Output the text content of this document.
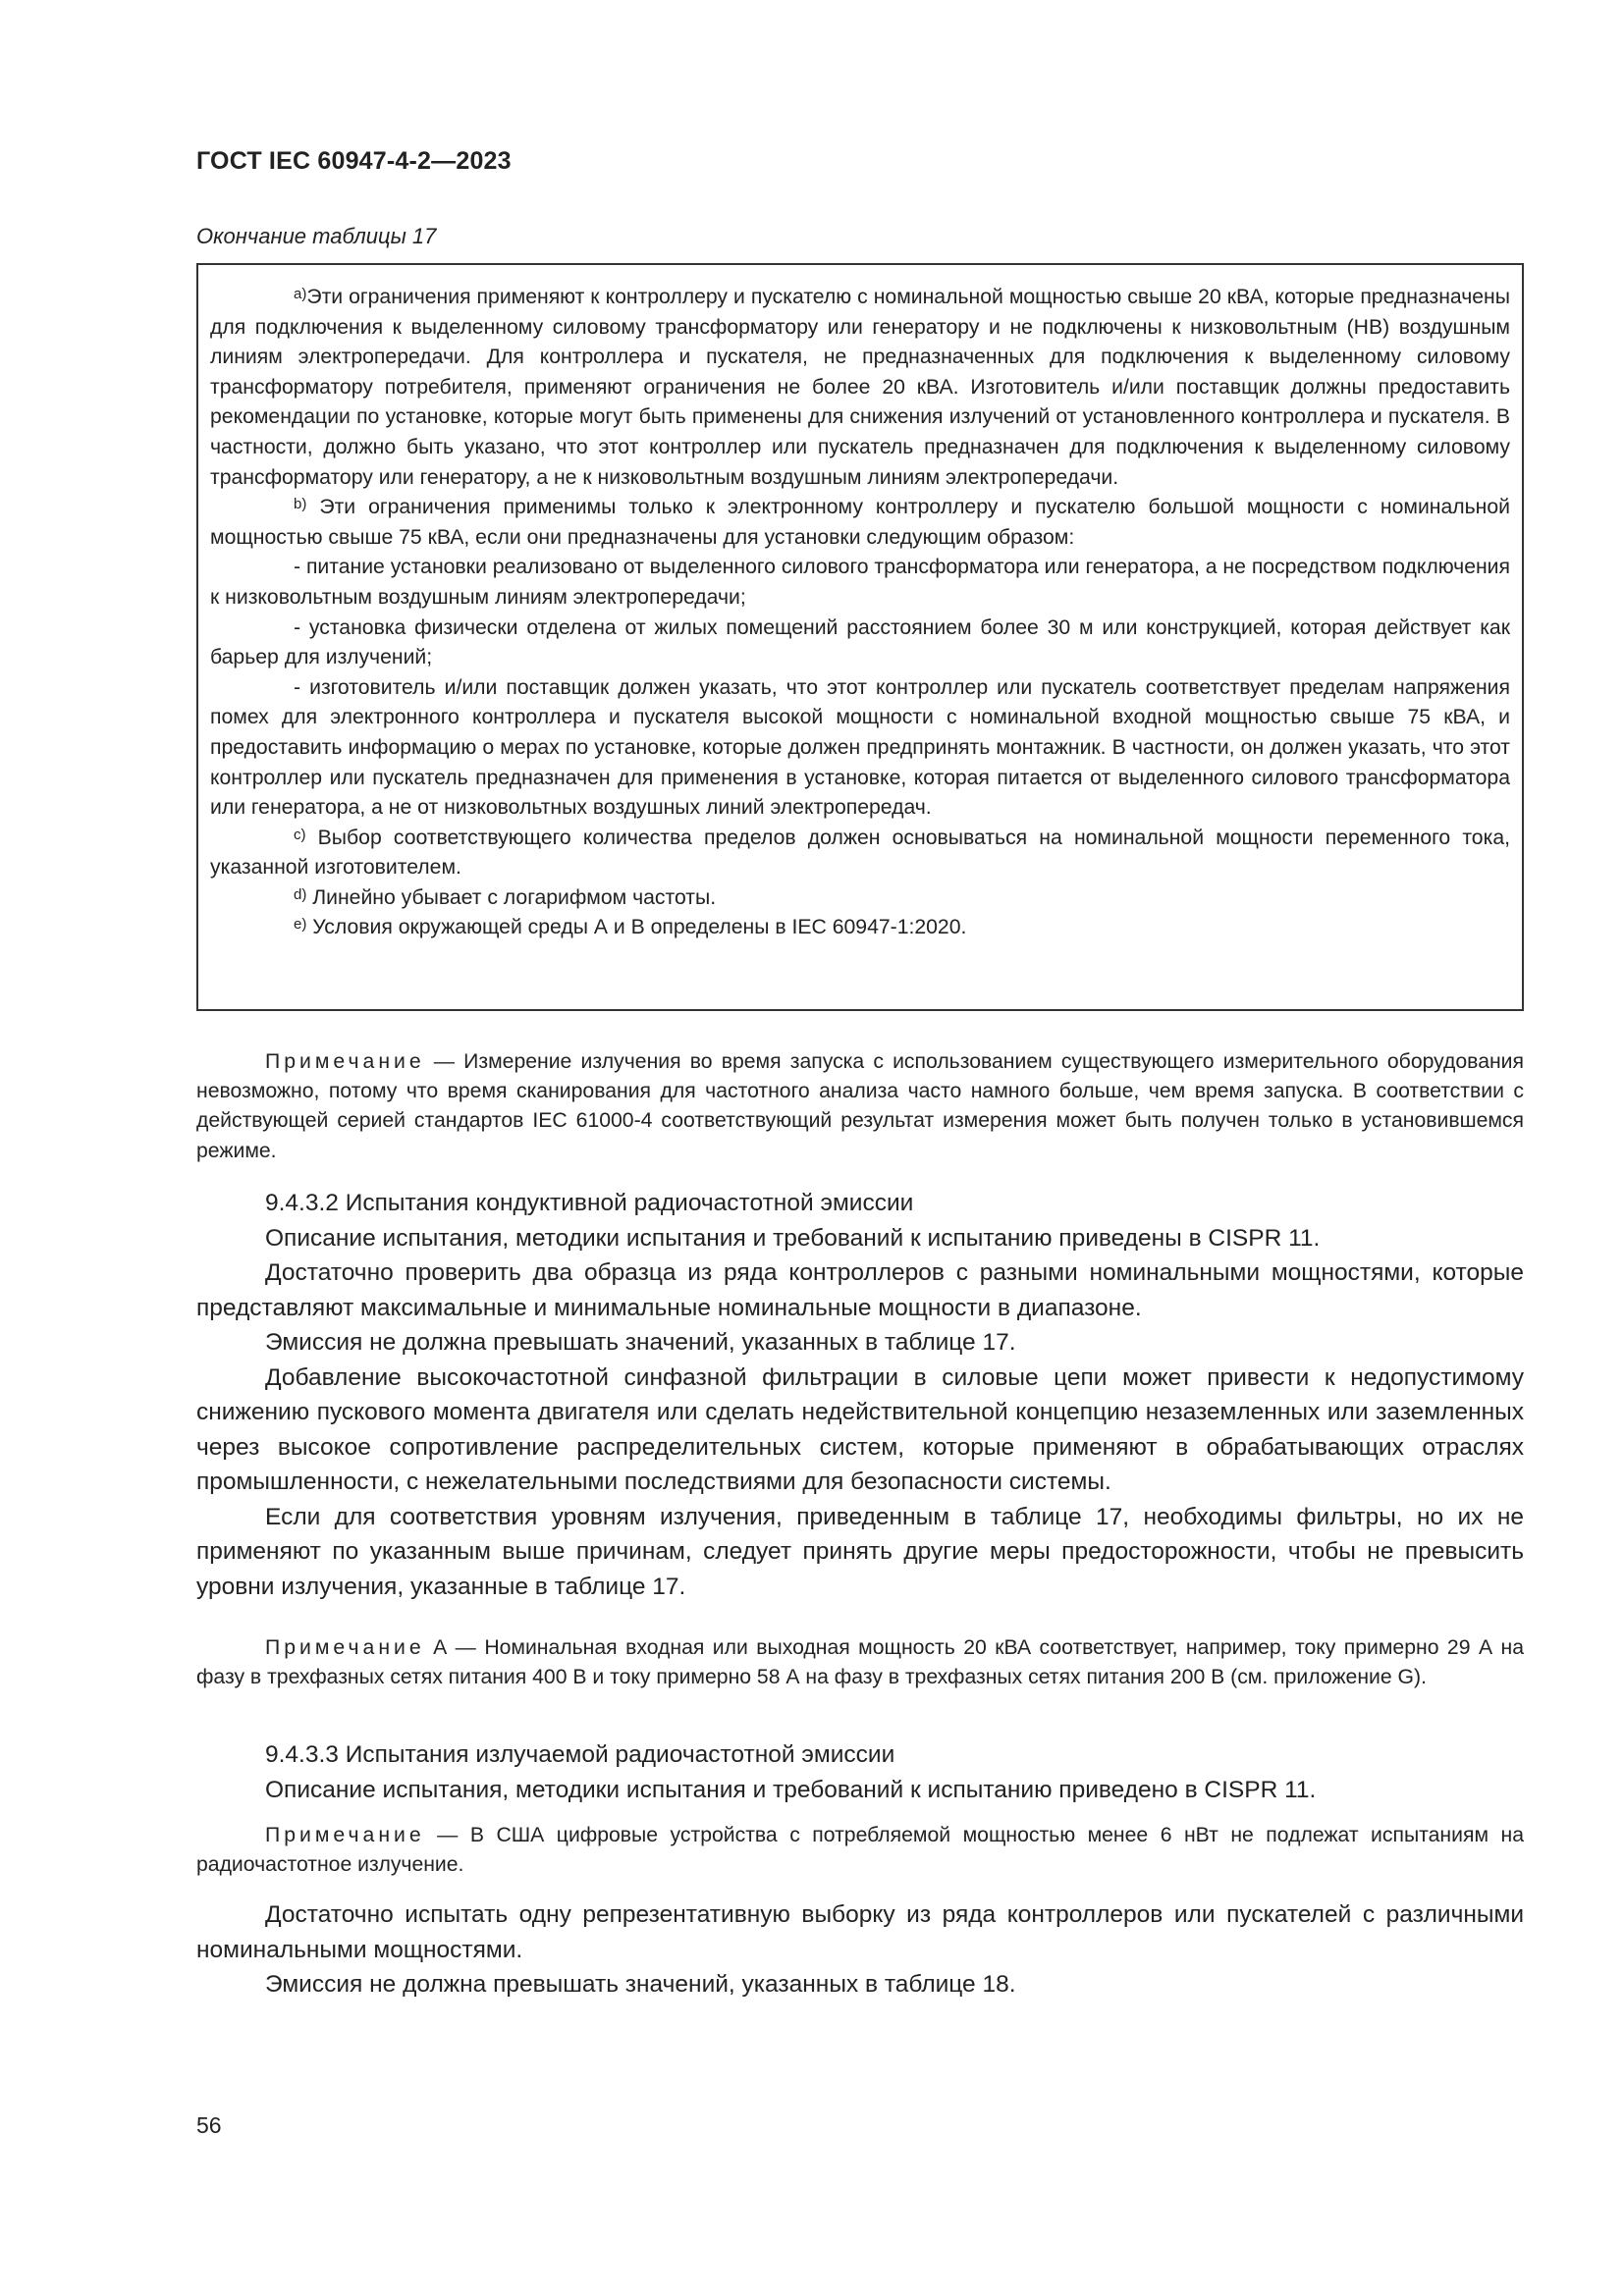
ГОСТ IEC 60947-4-2—2023
Окончание таблицы 17

$^{а)}$Эти ограничения применяют к контроллеру и пускателю с номинальной мощностью свыше 20 кВА, которые предназначены для подключения к выделенному силовому трансформатору или генератору и не подключены к низковольтным (НВ) воздушным линиям электропередачи. Для контроллера и пускателя, не предназначенных для подключения к выделенному силовому трансформатору потребителя, применяют ограничения не более 20 кВА. Изготовитель и/или поставщик должны предоставить рекомендации по установке, которые могут быть применены для снижения излучений от установленного контроллера и пускателя. В частности, должно быть указано, что этот контроллер или пускатель предназначен для подключения к выделенному силовому трансформатору или генератору, а не к низковольтным воздушным линиям электропередачи.

$^{b)}$ Эти ограничения применимы только к электронному контроллеру и пускателю большой мощности с номинальной мощностью свыше 75 кВА, если они предназначены для установки следующим образом:

- питание установки реализовано от выделенного силового трансформатора или генератора, а не посредством подключения к низковольтным воздушным линиям электропередачи;

- установка физически отделена от жилых помещений расстоянием более 30 м или конструкцией, которая действует как барьер для излучений;

- изготовитель и/или поставщик должен указать, что этот контроллер или пускатель соответствует пределам напряжения помех для электронного контроллера и пускателя высокой мощности с номинальной входной мощностью свыше 75 кВА, и предоставить информацию о мерах по установке, которые должен предпринять монтажник. В частности, он должен указать, что этот контроллер или пускатель предназначен для применения в установке, которая питается от выделенного силового трансформатора или генератора, а не от низковольтных воздушных линий электропередач.

$^{c)}$ Выбор соответствующего количества пределов должен основываться на номинальной мощности переменного тока, указанной изготовителем.

$^{d)}$ Линейно убывает с логарифмом частоты.

$^{e)}$ Условия окружающей среды А и В определены в IEC 60947-1:2020.

Примечание — Измерение излучения во время запуска с использованием существующего измерительного оборудования невозможно, потому что время сканирования для частотного анализа часто намного больше, чем время запуска. В соответствии с действующей серией стандартов IEC 61000-4 соответствующий результат измерения может быть получен только в установившемся режиме.

9.4.3.2 Испытания кондуктивной радиочастотной эмиссии

Описание испытания, методики испытания и требований к испытанию приведены в CISPR 11.

Достаточно проверить два образца из ряда контроллеров с разными номинальными мощностями, которые представляют максимальные и минимальные номинальные мощности в диапазоне.

Эмиссия не должна превышать значений, указанных в таблице 17.

Добавление высокочастотной синфазной фильтрации в силовые цепи может привести к недопустимому снижению пускового момента двигателя или сделать недействительной концепцию незаземленных или заземленных через высокое сопротивление распределительных систем, которые применяют в обрабатывающих отраслях промышленности, с нежелательными последствиями для безопасности системы.

Если для соответствия уровням излучения, приведенным в таблице 17, необходимы фильтры, но их не применяют по указанным выше причинам, следует принять другие меры предосторожности, чтобы не превысить уровни излучения, указанные в таблице 17.

Примечание А — Номинальная входная или выходная мощность 20 кВА соответствует, например, току примерно 29 А на фазу в трехфазных сетях питания 400 В и току примерно 58 А на фазу в трехфазных сетях питания 200 В (см. приложение G).

9.4.3.3 Испытания излучаемой радиочастотной эмиссии

Описание испытания, методики испытания и требований к испытанию приведено в CISPR 11.

Примечание — В США цифровые устройства с потребляемой мощностью менее 6 нВт не подлежат испытаниям на радиочастотное излучение.

Достаточно испытать одну репрезентативную выборку из ряда контроллеров или пускателей с различными номинальными мощностями.

Эмиссия не должна превышать значений, указанных в таблице 18.

56
